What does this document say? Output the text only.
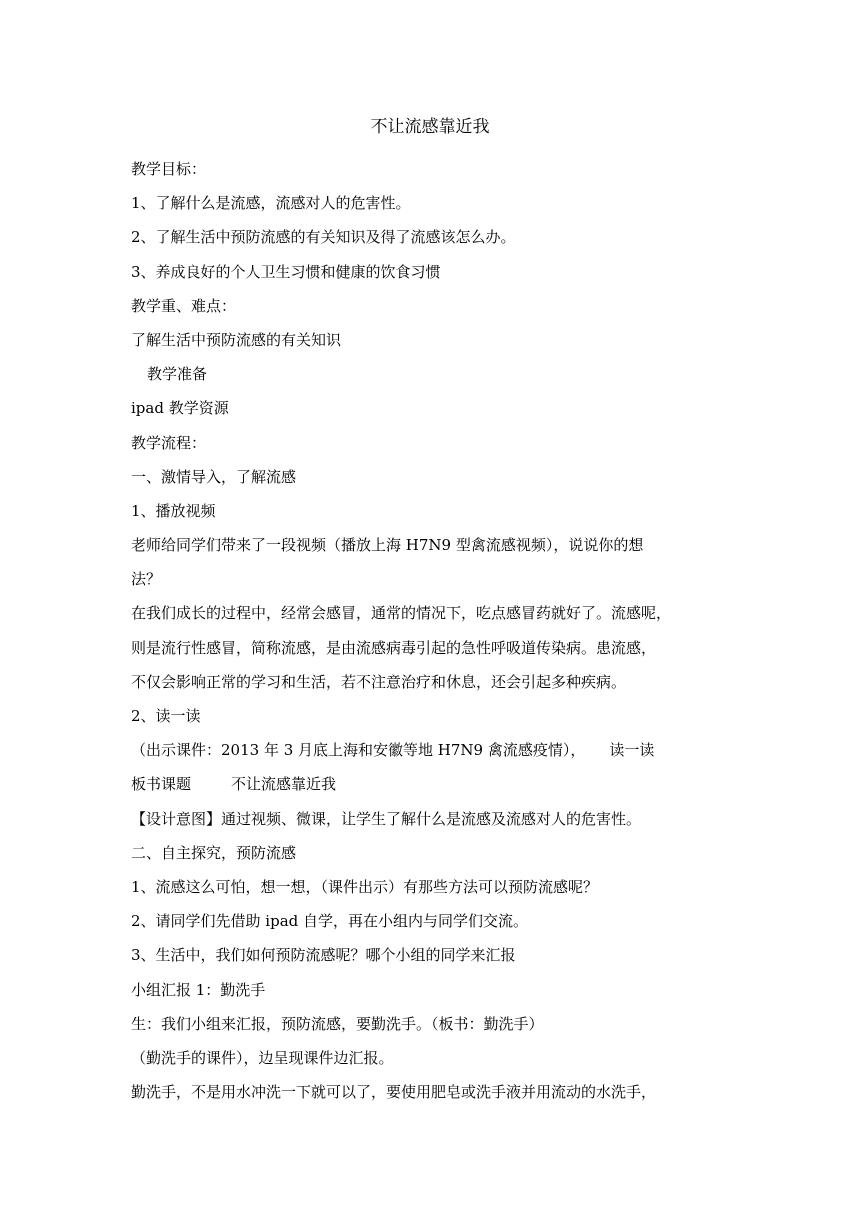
不让流感靠近我
教学目标：
1、了解什么是流感，流感对人的危害性。
2、了解生活中预防流感的有关知识及得了流感该怎么办。
3、养成良好的个人卫生习惯和健康的饮食习惯
教学重、难点：
了解生活中预防流感的有关知识
教学准备
ipad 教学资源
教学流程：
一、激情导入，了解流感
1、播放视频
老师给同学们带来了一段视频（播放上海 H7N9 型禽流感视频），说说你的想
法？
在我们成长的过程中，经常会感冒，通常的情况下，吃点感冒药就好了。流感呢，
则是流行性感冒，简称流感，是由流感病毒引起的急性呼吸道传染病。患流感，
不仅会影响正常的学习和生活，若不注意治疗和休息，还会引起多种疾病。
2、读一读
（出示课件：2013 年 3 月底上海和安徽等地 H7N9 禽流感疫情）， 读一读
板书课题	不让流感靠近我
【设计意图】通过视频、微课，让学生了解什么是流感及流感对人的危害性。
二、自主探究，预防流感
1、流感这么可怕，想一想，（课件出示）有那些方法可以预防流感呢？
2、请同学们先借助 ipad 自学，再在小组内与同学们交流。
3、生活中，我们如何预防流感呢？哪个小组的同学来汇报
小组汇报 1：勤洗手
生：我们小组来汇报，预防流感，要勤洗手。（板书：勤洗手）
（勤洗手的课件），边呈现课件边汇报。
勤洗手，不是用水冲洗一下就可以了，要使用肥皂或洗手液并用流动的水洗手，
